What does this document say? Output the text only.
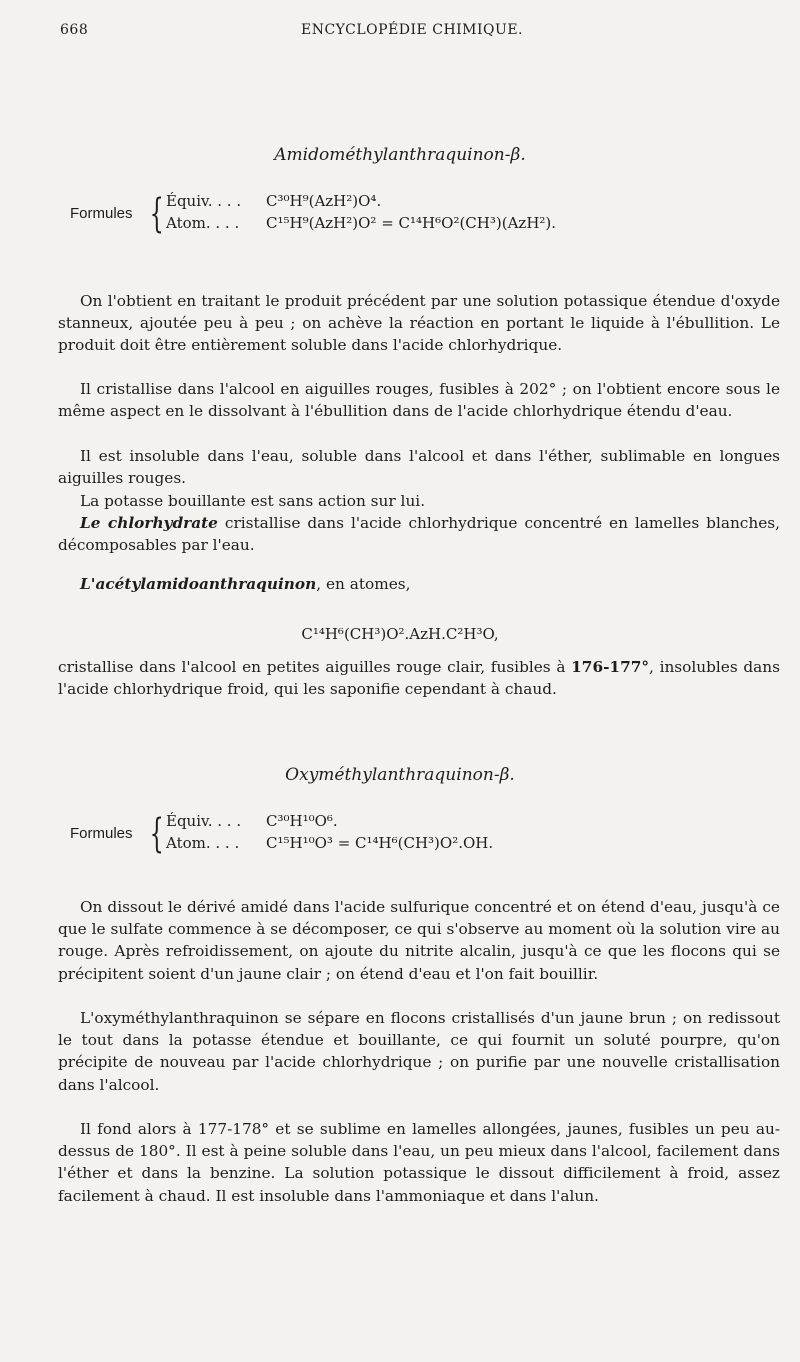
668	ENCYCLOPÉDIE CHIMIQUE.
Amidométhylanthraquinon-β.
Formules { Équiv. . . .	C³⁰H⁹(AzH²)O⁴.
Atom. . . .	C¹⁵H⁹(AzH²)O² = C¹⁴H⁶O²(CH³)(AzH²).

On l'obtient en traitant le produit précédent par une solution potassique étendue d'oxyde stanneux, ajoutée peu à peu ; on achève la réaction en portant le liquide à l'ébullition. Le produit doit être entièrement soluble dans l'acide chlorhydrique.

Il cristallise dans l'alcool en aiguilles rouges, fusibles à 202° ; on l'obtient encore sous le même aspect en le dissolvant à l'ébullition dans de l'acide chlorhydrique étendu d'eau.

Il est insoluble dans l'eau, soluble dans l'alcool et dans l'éther, sublimable en longues aiguilles rouges.

La potasse bouillante est sans action sur lui.

Le chlorhydrate cristallise dans l'acide chlorhydrique concentré en lamelles blanches, décomposables par l'eau.

L'acétylamidoanthraquinon, en atomes,

C¹⁴H⁶(CH³)O².AzH.C²H³O,

cristallise dans l'alcool en petites aiguilles rouge clair, fusibles à 176-177°, insolubles dans l'acide chlorhydrique froid, qui les saponifie cependant à chaud.

Oxyméthylanthraquinon-β.
Formules { Équiv. . . .	C³⁰H¹⁰O⁶.
Atom. . . .	C¹⁵H¹⁰O³ = C¹⁴H⁶(CH³)O².OH.

On dissout le dérivé amidé dans l'acide sulfurique concentré et on étend d'eau, jusqu'à ce que le sulfate commence à se décomposer, ce qui s'observe au moment où la solution vire au rouge. Après refroidissement, on ajoute du nitrite alcalin, jusqu'à ce que les flocons qui se précipitent soient d'un jaune clair ; on étend d'eau et l'on fait bouillir.

L'oxyméthylanthraquinon se sépare en flocons cristallisés d'un jaune brun ; on redissout le tout dans la potasse étendue et bouillante, ce qui fournit un soluté pourpre, qu'on précipite de nouveau par l'acide chlorhydrique ; on purifie par une nouvelle cristallisation dans l'alcool.

Il fond alors à 177-178° et se sublime en lamelles allongées, jaunes, fusibles un peu au-dessus de 180°. Il est à peine soluble dans l'eau, un peu mieux dans l'alcool, facilement dans l'éther et dans la benzine. La solution potassique le dissout difficilement à froid, assez facilement à chaud. Il est insoluble dans l'ammoniaque et dans l'alun.
